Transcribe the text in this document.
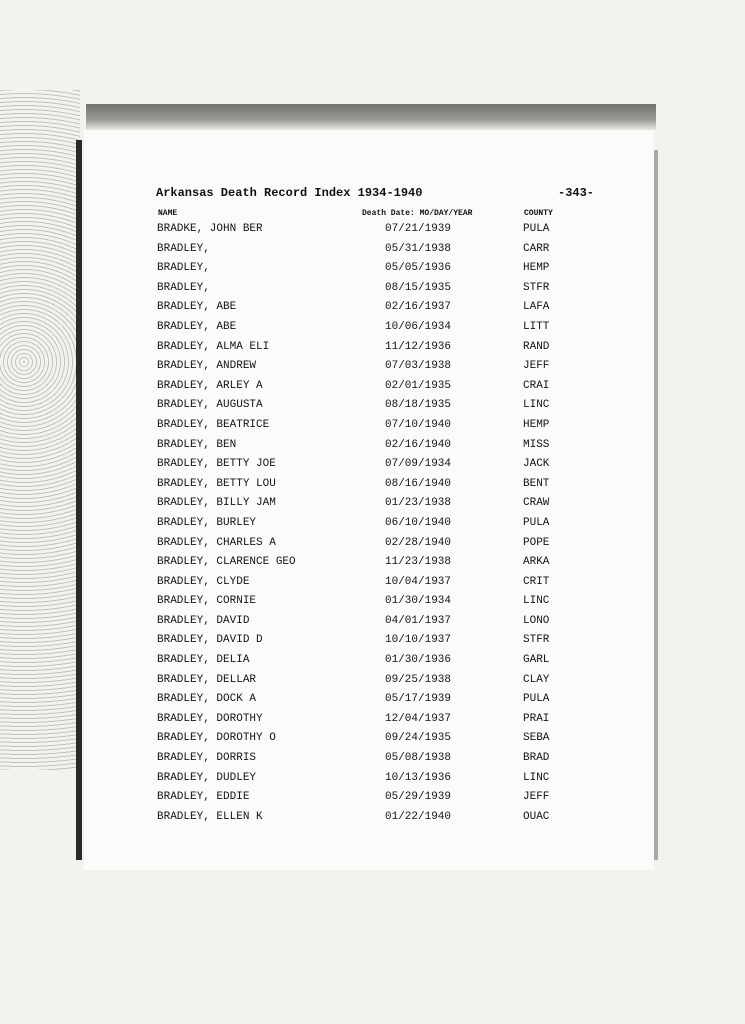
Arkansas Death Record Index 1934-1940	-343-
NAME	Death Date: MO/DAY/YEAR	COUNTY
BRADKE, JOHN BER	07/21/1939	PULA
BRADLEY,	05/31/1938	CARR
BRADLEY,	05/05/1936	HEMP
BRADLEY,	08/15/1935	STFR
BRADLEY, ABE	02/16/1937	LAFA
BRADLEY, ABE	10/06/1934	LITT
BRADLEY, ALMA ELI	11/12/1936	RAND
BRADLEY, ANDREW	07/03/1938	JEFF
BRADLEY, ARLEY A	02/01/1935	CRAI
BRADLEY, AUGUSTA	08/18/1935	LINC
BRADLEY, BEATRICE	07/10/1940	HEMP
BRADLEY, BEN	02/16/1940	MISS
BRADLEY, BETTY JOE	07/09/1934	JACK
BRADLEY, BETTY LOU	08/16/1940	BENT
BRADLEY, BILLY JAM	01/23/1938	CRAW
BRADLEY, BURLEY	06/10/1940	PULA
BRADLEY, CHARLES A	02/28/1940	POPE
BRADLEY, CLARENCE GEO	11/23/1938	ARKA
BRADLEY, CLYDE	10/04/1937	CRIT
BRADLEY, CORNIE	01/30/1934	LINC
BRADLEY, DAVID	04/01/1937	LONO
BRADLEY, DAVID D	10/10/1937	STFR
BRADLEY, DELIA	01/30/1936	GARL
BRADLEY, DELLAR	09/25/1938	CLAY
BRADLEY, DOCK A	05/17/1939	PULA
BRADLEY, DOROTHY	12/04/1937	PRAI
BRADLEY, DOROTHY O	09/24/1935	SEBA
BRADLEY, DORRIS	05/08/1938	BRAD
BRADLEY, DUDLEY	10/13/1936	LINC
BRADLEY, EDDIE	05/29/1939	JEFF
BRADLEY, ELLEN K	01/22/1940	OUAC
